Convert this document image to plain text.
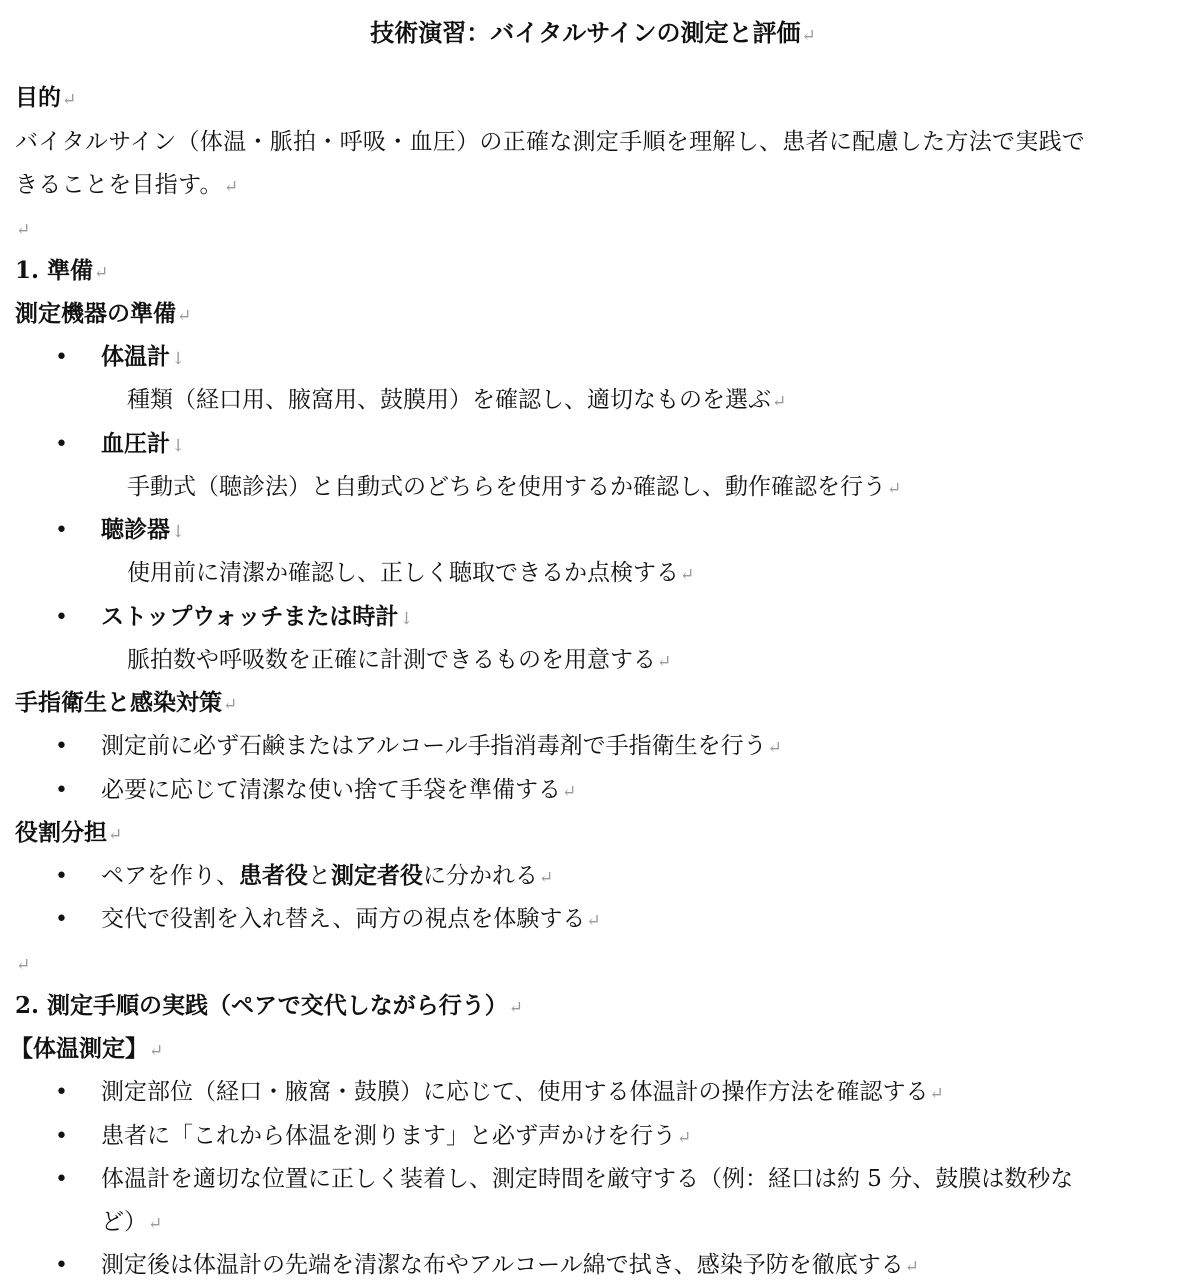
技術演習：バイタルサインの測定と評価↵
目的↵
バイタルサイン（体温・脈拍・呼吸・血圧）の正確な測定手順を理解し、患者に配慮した方法で実践で
きることを目指す。↵
↵
1. 準備↵
測定機器の準備↵
•
体温計↓
種類（経口用、腋窩用、鼓膜用）を確認し、適切なものを選ぶ↵
•
血圧計↓
手動式（聴診法）と自動式のどちらを使用するか確認し、動作確認を行う↵
•
聴診器↓
使用前に清潔か確認し、正しく聴取できるか点検する↵
•
ストップウォッチまたは時計↓
脈拍数や呼吸数を正確に計測できるものを用意する↵
手指衛生と感染対策↵
•
測定前に必ず石鹸またはアルコール手指消毒剤で手指衛生を行う↵
•
必要に応じて清潔な使い捨て手袋を準備する↵
役割分担↵
•
ペアを作り、患者役と測定者役に分かれる↵
•
交代で役割を入れ替え、両方の視点を体験する↵
↵
2. 測定手順の実践（ペアで交代しながら行う）↵
【体温測定】↵
•
測定部位（経口・腋窩・鼓膜）に応じて、使用する体温計の操作方法を確認する↵
•
患者に「これから体温を測ります」と必ず声かけを行う↵
•
体温計を適切な位置に正しく装着し、測定時間を厳守する（例：経口は約 5 分、鼓膜は数秒な
ど）↵
•
測定後は体温計の先端を清潔な布やアルコール綿で拭き、感染予防を徹底する↵
